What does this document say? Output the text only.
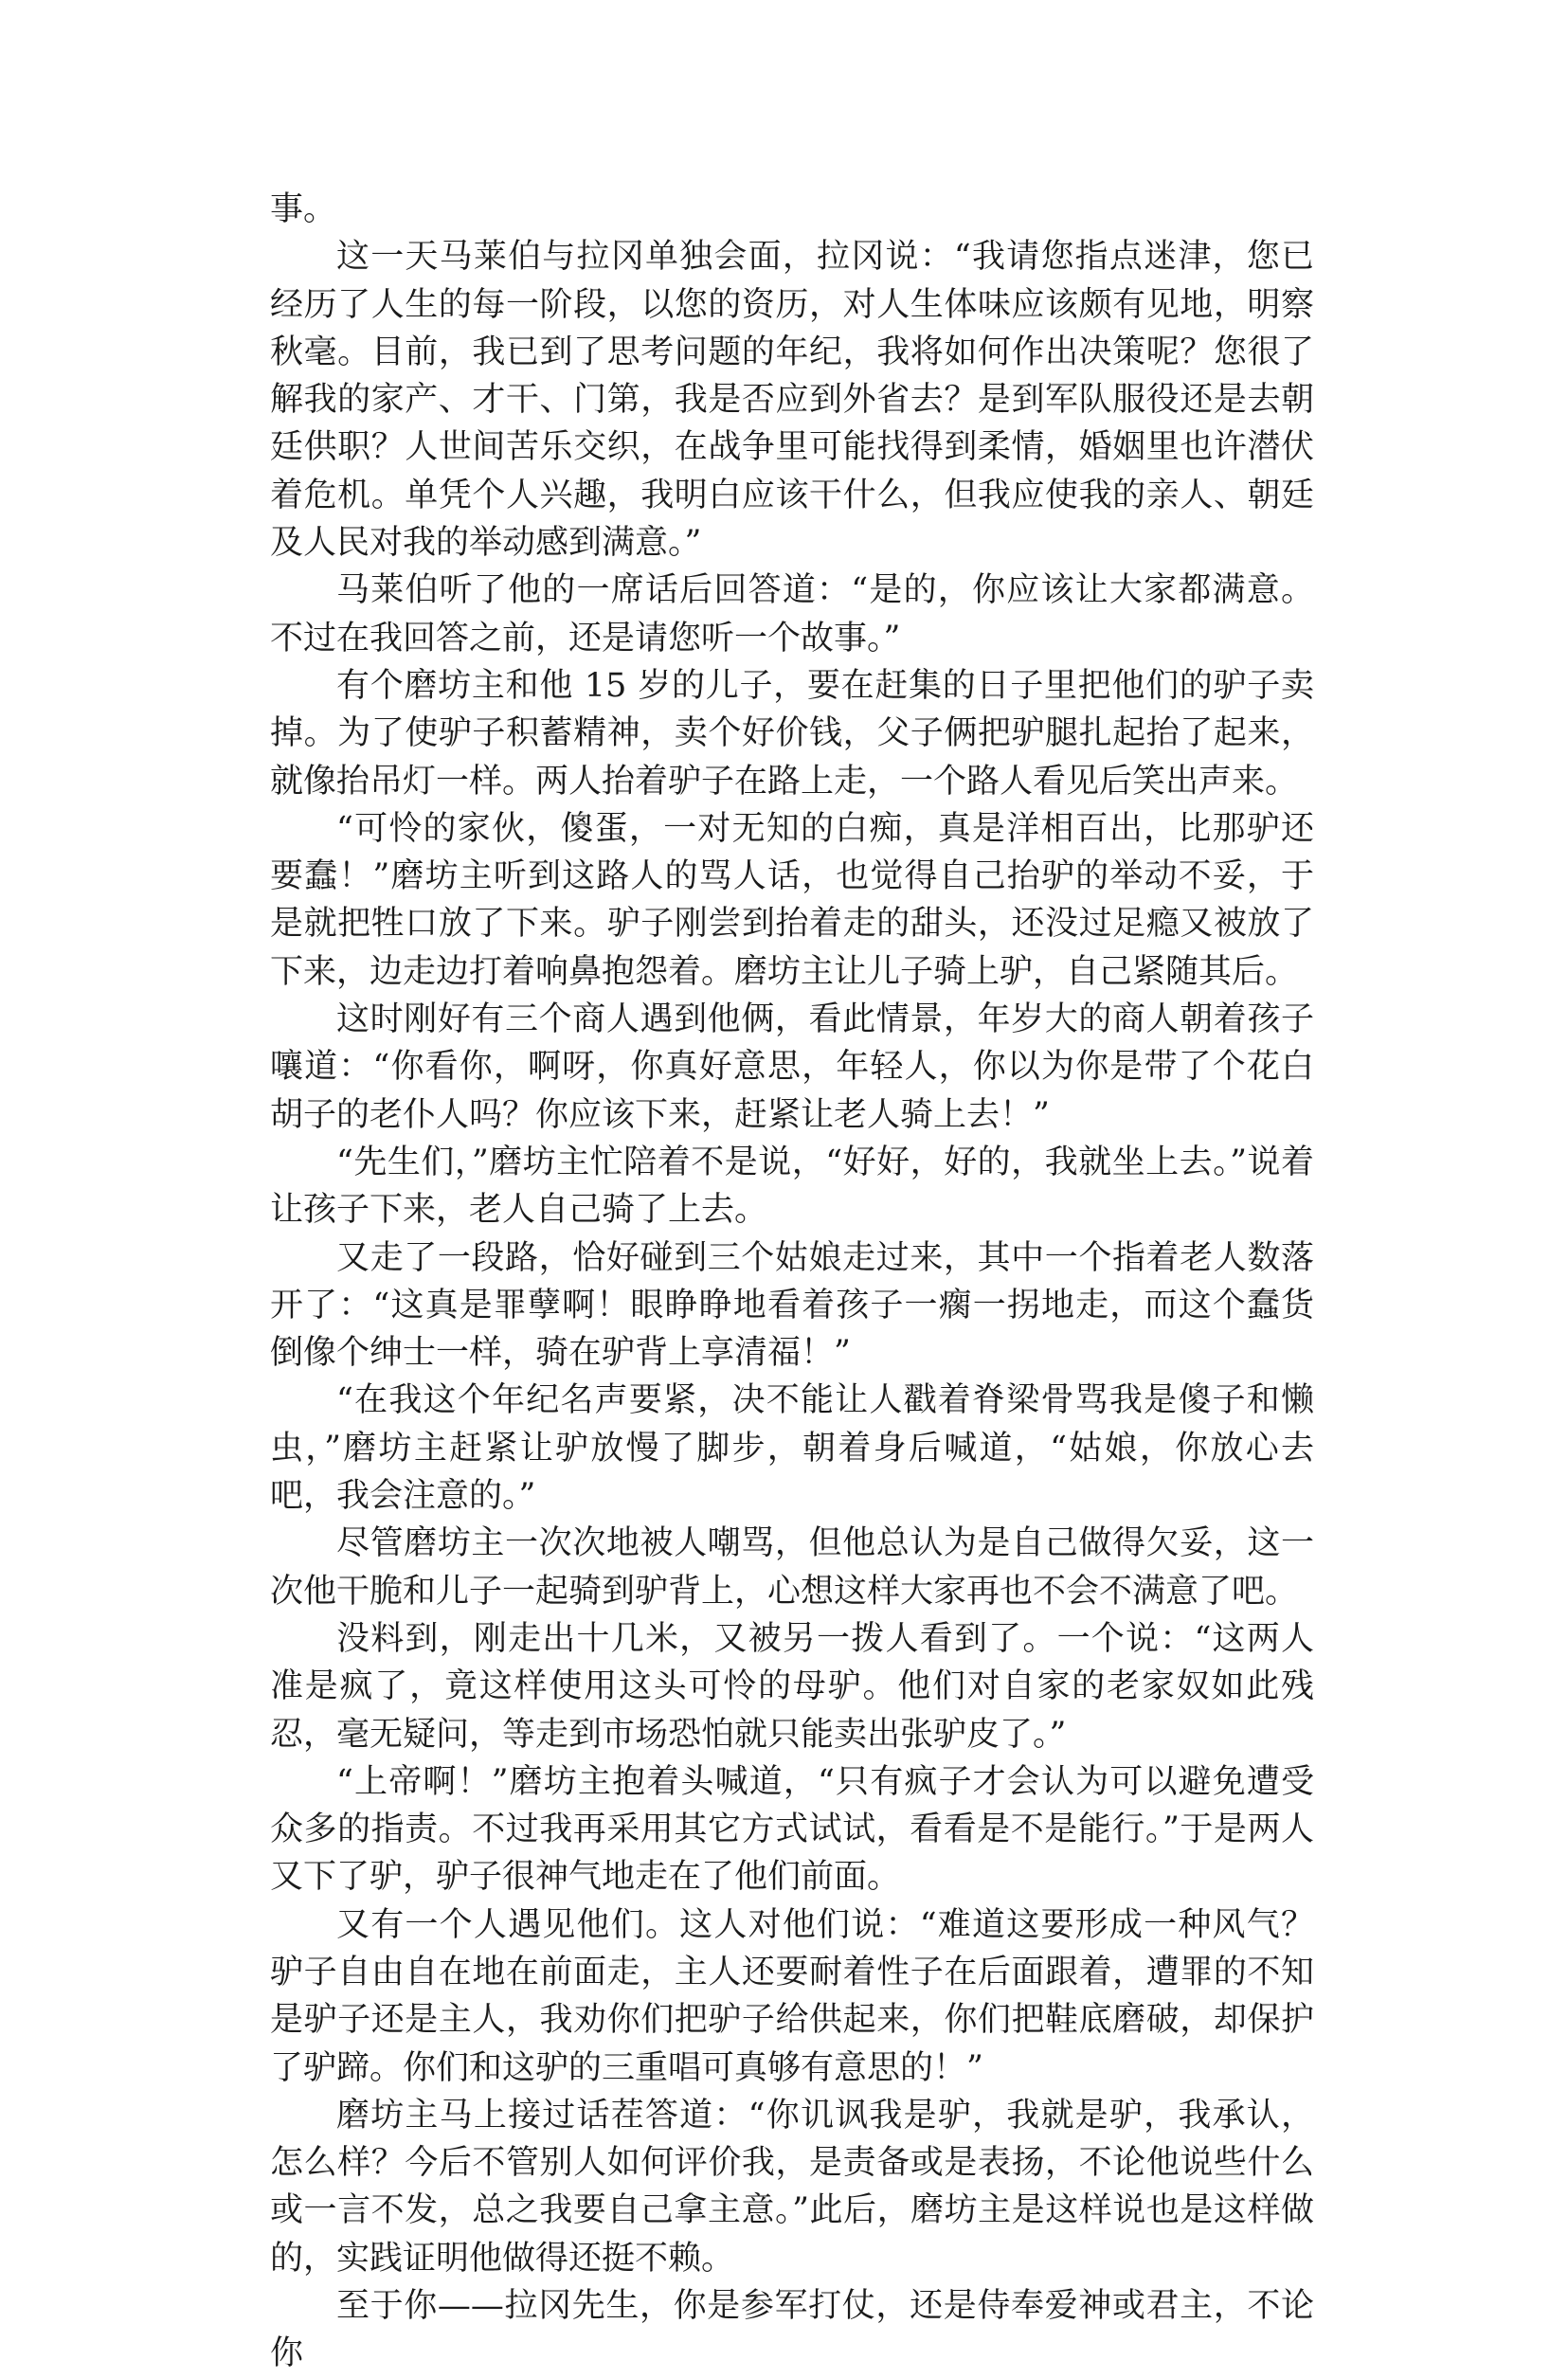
事。

这一天马莱伯与拉冈单独会面，拉冈说：“我请您指点迷津，您已经历了人生的每一阶段，以您的资历，对人生体味应该颇有见地，明察秋毫。目前，我已到了思考问题的年纪，我将如何作出决策呢？您很了解我的家产、才干、门第，我是否应到外省去？是到军队服役还是去朝廷供职？人世间苦乐交织，在战争里可能找得到柔情，婚姻里也许潜伏着危机。单凭个人兴趣，我明白应该干什么，但我应使我的亲人、朝廷及人民对我的举动感到满意。”

马莱伯听了他的一席话后回答道：“是的，你应该让大家都满意。不过在我回答之前，还是请您听一个故事。”

有个磨坊主和他 15 岁的儿子，要在赶集的日子里把他们的驴子卖掉。为了使驴子积蓄精神，卖个好价钱，父子俩把驴腿扎起抬了起来，就像抬吊灯一样。两人抬着驴子在路上走，一个路人看见后笑出声来。

“可怜的家伙，傻蛋，一对无知的白痴，真是洋相百出，比那驴还要蠢！”磨坊主听到这路人的骂人话，也觉得自己抬驴的举动不妥，于是就把牲口放了下来。驴子刚尝到抬着走的甜头，还没过足瘾又被放了下来，边走边打着响鼻抱怨着。磨坊主让儿子骑上驴，自己紧随其后。

这时刚好有三个商人遇到他俩，看此情景，年岁大的商人朝着孩子嚷道：“你看你，啊呀，你真好意思，年轻人，你以为你是带了个花白胡子的老仆人吗？你应该下来，赶紧让老人骑上去！”

“先生们，”磨坊主忙陪着不是说，“好好，好的，我就坐上去。”说着让孩子下来，老人自己骑了上去。

又走了一段路，恰好碰到三个姑娘走过来，其中一个指着老人数落开了：“这真是罪孽啊！眼睁睁地看着孩子一瘸一拐地走，而这个蠢货倒像个绅士一样，骑在驴背上享清福！”

“在我这个年纪名声要紧，决不能让人戳着脊梁骨骂我是傻子和懒虫，”磨坊主赶紧让驴放慢了脚步，朝着身后喊道，“姑娘，你放心去吧，我会注意的。”

尽管磨坊主一次次地被人嘲骂，但他总认为是自己做得欠妥，这一次他干脆和儿子一起骑到驴背上，心想这样大家再也不会不满意了吧。

没料到，刚走出十几米，又被另一拨人看到了。一个说：“这两人准是疯了，竟这样使用这头可怜的母驴。他们对自家的老家奴如此残忍，毫无疑问，等走到市场恐怕就只能卖出张驴皮了。”

“上帝啊！”磨坊主抱着头喊道，“只有疯子才会认为可以避免遭受众多的指责。不过我再采用其它方式试试，看看是不是能行。”于是两人又下了驴，驴子很神气地走在了他们前面。

又有一个人遇见他们。这人对他们说：“难道这要形成一种风气？驴子自由自在地在前面走，主人还要耐着性子在后面跟着，遭罪的不知是驴子还是主人，我劝你们把驴子给供起来，你们把鞋底磨破，却保护了驴蹄。你们和这驴的三重唱可真够有意思的！”

磨坊主马上接过话茬答道：“你讥讽我是驴，我就是驴，我承认，怎么样？今后不管别人如何评价我，是责备或是表扬，不论他说些什么或一言不发，总之我要自己拿主意。”此后，磨坊主是这样说也是这样做的，实践证明他做得还挺不赖。

至于你——拉冈先生，你是参军打仗，还是侍奉爱神或君主，不论你
